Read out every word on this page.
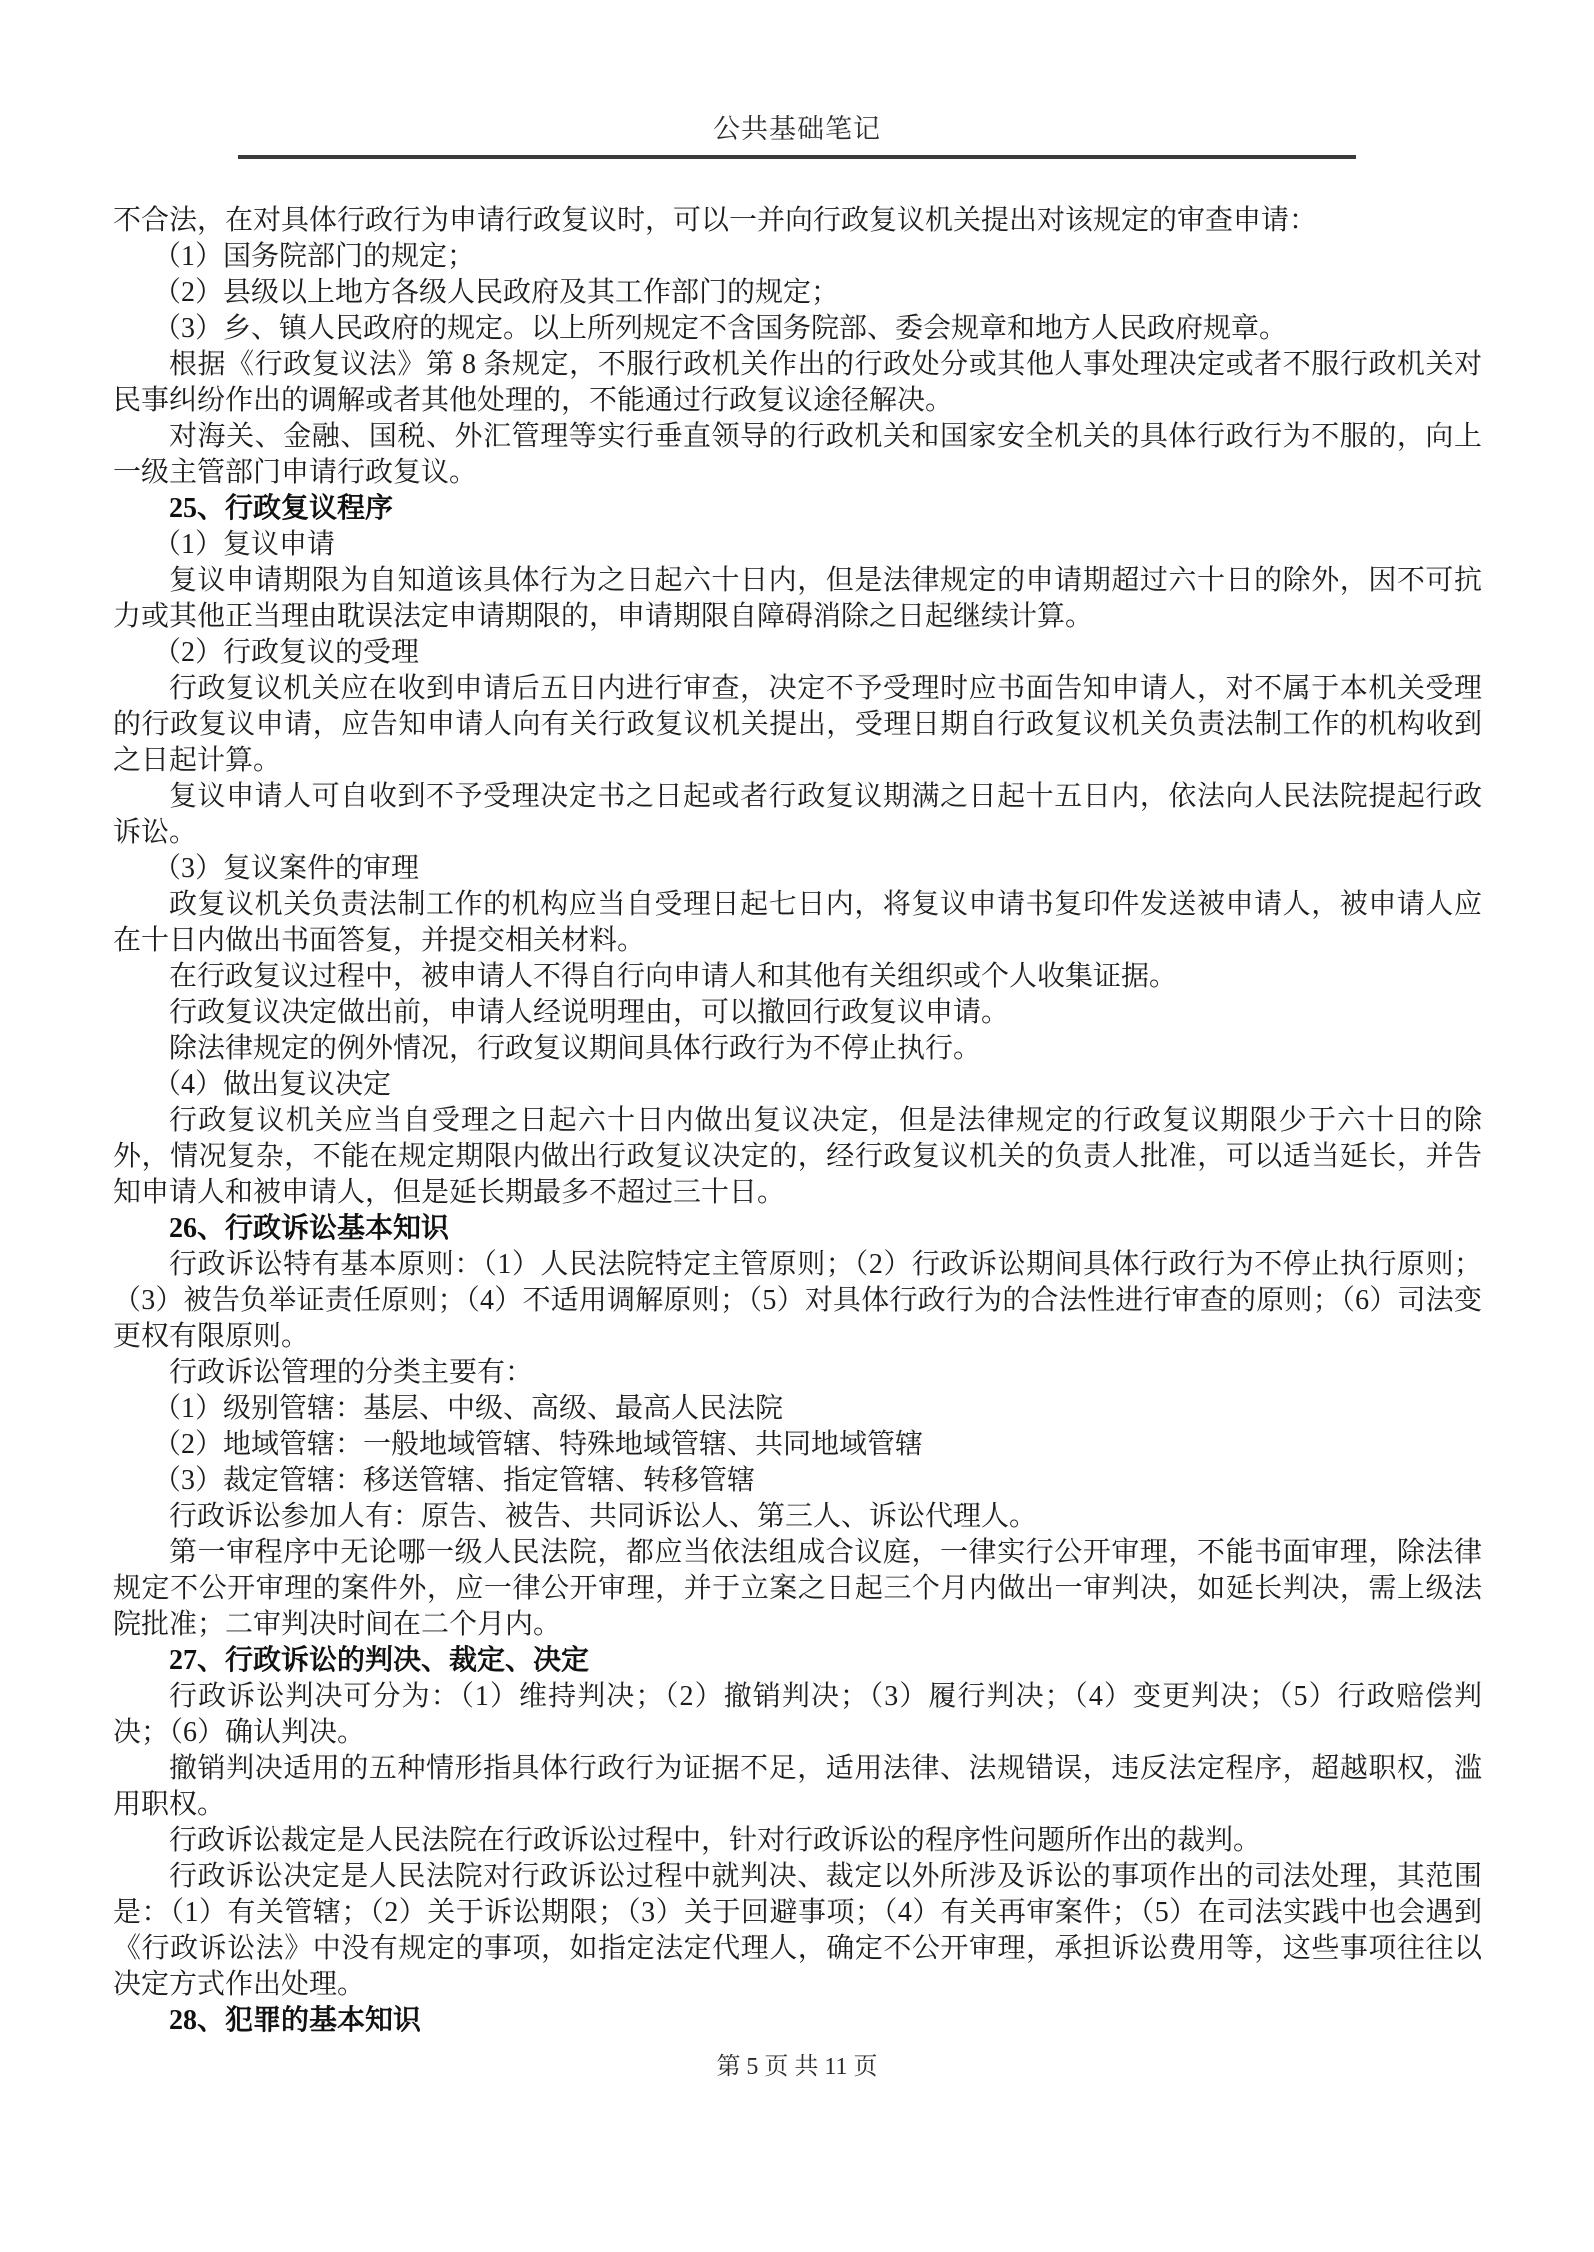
公共基础笔记
不合法，在对具体行政行为申请行政复议时，可以一并向行政复议机关提出对该规定的审查申请：
（1）国务院部门的规定；
（2）县级以上地方各级人民政府及其工作部门的规定；
（3）乡、镇人民政府的规定。以上所列规定不含国务院部、委会规章和地方人民政府规章。
根据《行政复议法》第 8 条规定，不服行政机关作出的行政处分或其他人事处理决定或者不服行政机关对民事纠纷作出的调解或者其他处理的，不能通过行政复议途径解决。
对海关、金融、国税、外汇管理等实行垂直领导的行政机关和国家安全机关的具体行政行为不服的，向上一级主管部门申请行政复议。
25、行政复议程序
（1）复议申请
复议申请期限为自知道该具体行为之日起六十日内，但是法律规定的申请期超过六十日的除外，因不可抗力或其他正当理由耽误法定申请期限的，申请期限自障碍消除之日起继续计算。
（2）行政复议的受理
行政复议机关应在收到申请后五日内进行审查，决定不予受理时应书面告知申请人，对不属于本机关受理的行政复议申请，应告知申请人向有关行政复议机关提出，受理日期自行政复议机关负责法制工作的机构收到之日起计算。
复议申请人可自收到不予受理决定书之日起或者行政复议期满之日起十五日内，依法向人民法院提起行政诉讼。
（3）复议案件的审理
政复议机关负责法制工作的机构应当自受理日起七日内，将复议申请书复印件发送被申请人，被申请人应在十日内做出书面答复，并提交相关材料。
在行政复议过程中，被申请人不得自行向申请人和其他有关组织或个人收集证据。
行政复议决定做出前，申请人经说明理由，可以撤回行政复议申请。
除法律规定的例外情况，行政复议期间具体行政行为不停止执行。
（4）做出复议决定
行政复议机关应当自受理之日起六十日内做出复议决定，但是法律规定的行政复议期限少于六十日的除外，情况复杂，不能在规定期限内做出行政复议决定的，经行政复议机关的负责人批准，可以适当延长，并告知申请人和被申请人，但是延长期最多不超过三十日。
26、行政诉讼基本知识
行政诉讼特有基本原则：（1）人民法院特定主管原则；（2）行政诉讼期间具体行政行为不停止执行原则；（3）被告负举证责任原则；（4）不适用调解原则；（5）对具体行政行为的合法性进行审查的原则；（6）司法变更权有限原则。
行政诉讼管理的分类主要有：
（1）级别管辖：基层、中级、高级、最高人民法院
（2）地域管辖：一般地域管辖、特殊地域管辖、共同地域管辖
（3）裁定管辖：移送管辖、指定管辖、转移管辖
行政诉讼参加人有：原告、被告、共同诉讼人、第三人、诉讼代理人。
第一审程序中无论哪一级人民法院，都应当依法组成合议庭，一律实行公开审理，不能书面审理，除法律规定不公开审理的案件外，应一律公开审理，并于立案之日起三个月内做出一审判决，如延长判决，需上级法院批准；二审判决时间在二个月内。
27、行政诉讼的判决、裁定、决定
行政诉讼判决可分为：（1）维持判决；（2）撤销判决；（3）履行判决；（4）变更判决；（5）行政赔偿判决；（6）确认判决。
撤销判决适用的五种情形指具体行政行为证据不足，适用法律、法规错误，违反法定程序，超越职权，滥用职权。
行政诉讼裁定是人民法院在行政诉讼过程中，针对行政诉讼的程序性问题所作出的裁判。
行政诉讼决定是人民法院对行政诉讼过程中就判决、裁定以外所涉及诉讼的事项作出的司法处理，其范围是：（1）有关管辖；（2）关于诉讼期限；（3）关于回避事项；（4）有关再审案件；（5）在司法实践中也会遇到《行政诉讼法》中没有规定的事项，如指定法定代理人，确定不公开审理，承担诉讼费用等，这些事项往往以决定方式作出处理。
28、犯罪的基本知识
第 5 页 共 11 页
